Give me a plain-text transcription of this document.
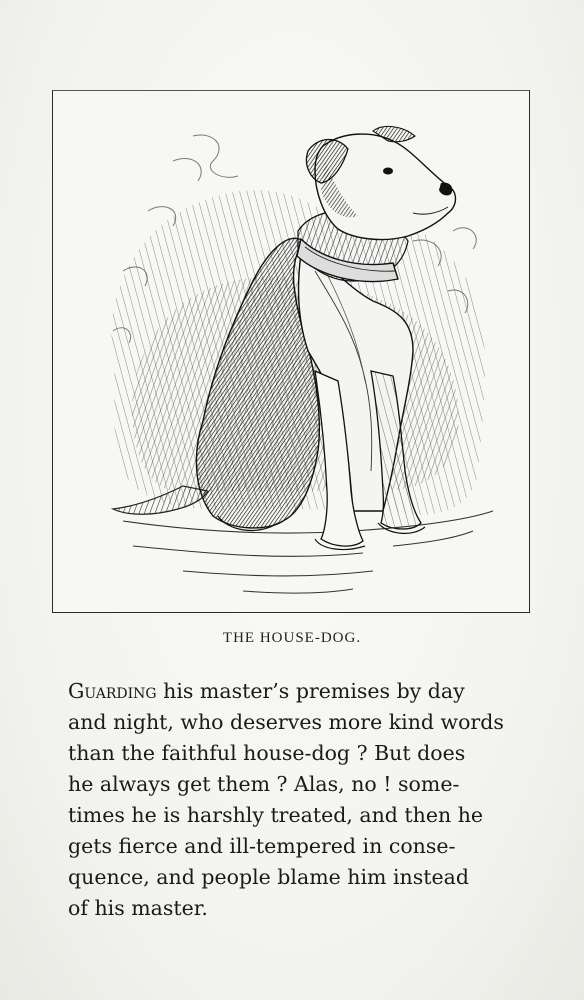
THE HOUSE-DOG.
Guarding his master’s premises by day
and night, who deserves more kind words
than the faithful house-dog ? But does
he always get them ? Alas, no ! some-
times he is harshly treated, and then he
gets fierce and ill-tempered in conse-
quence, and people blame him instead
of his master.
